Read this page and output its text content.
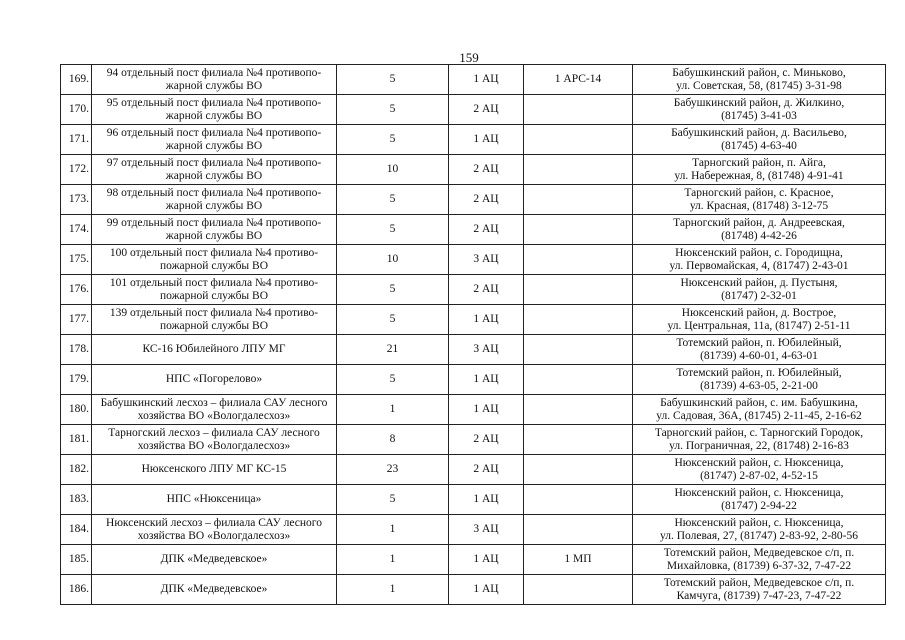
159
169.	94 отдельный пост филиала №4 противопо-
жарной службы ВО	5	1 АЦ	1 АРС-14	Бабушкинский район, с. Миньково,
ул. Советская, 58, (81745) 3-31-98

170.	95 отдельный пост филиала №4 противопо-
жарной службы ВО	5	2 АЦ		Бабушкинский район, д. Жилкино,
(81745) 3-41-03

171.	96 отдельный пост филиала №4 противопо-
жарной службы ВО	5	1 АЦ		Бабушкинский район, д. Васильево,
(81745) 4-63-40

172.	97 отдельный пост филиала №4 противопо-
жарной службы ВО	10	2 АЦ		Тарногский район, п. Айга,
ул. Набережная, 8, (81748) 4-91-41

173.	98 отдельный пост филиала №4 противопо-
жарной службы ВО	5	2 АЦ		Тарногский район, с. Красное,
ул. Красная, (81748) 3-12-75

174.	99 отдельный пост филиала №4 противопо-
жарной службы ВО	5	2 АЦ		Тарногский район, д. Андреевская,
(81748) 4-42-26

175.	100 отдельный пост филиала №4 противо-
пожарной службы ВО	10	3 АЦ		Нюксенский район, с. Городищна,
ул. Первомайская, 4, (81747) 2-43-01

176.	101 отдельный пост филиала №4 противо-
пожарной службы ВО	5	2 АЦ		Нюксенский район, д. Пустыня,
(81747) 2-32-01

177.	139 отдельный пост филиала №4 противо-
пожарной службы ВО	5	1 АЦ		Нюксенский район, д. Вострое,
ул. Центральная, 11а, (81747) 2-51-11

178.	КС-16 Юбилейного ЛПУ МГ	21	3 АЦ		Тотемский район, п. Юбилейный,
(81739) 4-60-01, 4-63-01

179.	НПС «Погорелово»	5	1 АЦ		Тотемский район, п. Юбилейный,
(81739) 4-63-05, 2-21-00

180.	Бабушкинский лесхоз – филиала САУ лесного
хозяйства ВО «Вологдалесхоз»	1	1 АЦ		Бабушкинский район, с. им. Бабушкина,
ул. Садовая, 36А, (81745) 2-11-45, 2-16-62

181.	Тарногский лесхоз – филиала САУ лесного
хозяйства ВО «Вологдалесхоз»	8	2 АЦ		Тарногский район, с. Тарногский Городок,
ул. Пограничная, 22, (81748) 2-16-83

182.	Нюксенского ЛПУ МГ КС-15	23	2 АЦ		Нюксенский район, с. Нюксеница,
(81747) 2-87-02, 4-52-15

183.	НПС «Нюксеница»	5	1 АЦ		Нюксенский район, с. Нюксеница,
(81747) 2-94-22

184.	Нюксенский лесхоз – филиала САУ лесного
хозяйства ВО «Вологдалесхоз»	1	3 АЦ		Нюксенский район, с. Нюксеница,
ул. Полевая, 27, (81747) 2-83-92, 2-80-56

185.	ДПК «Медведевское»	1	1 АЦ	1 МП	Тотемский район, Медведевское с/п, п.
Михайловка, (81739) 6-37-32, 7-47-22

186.	ДПК «Медведевское»	1	1 АЦ		Тотемский район, Медведевское с/п, п.
Камчуга, (81739) 7-47-23, 7-47-22
